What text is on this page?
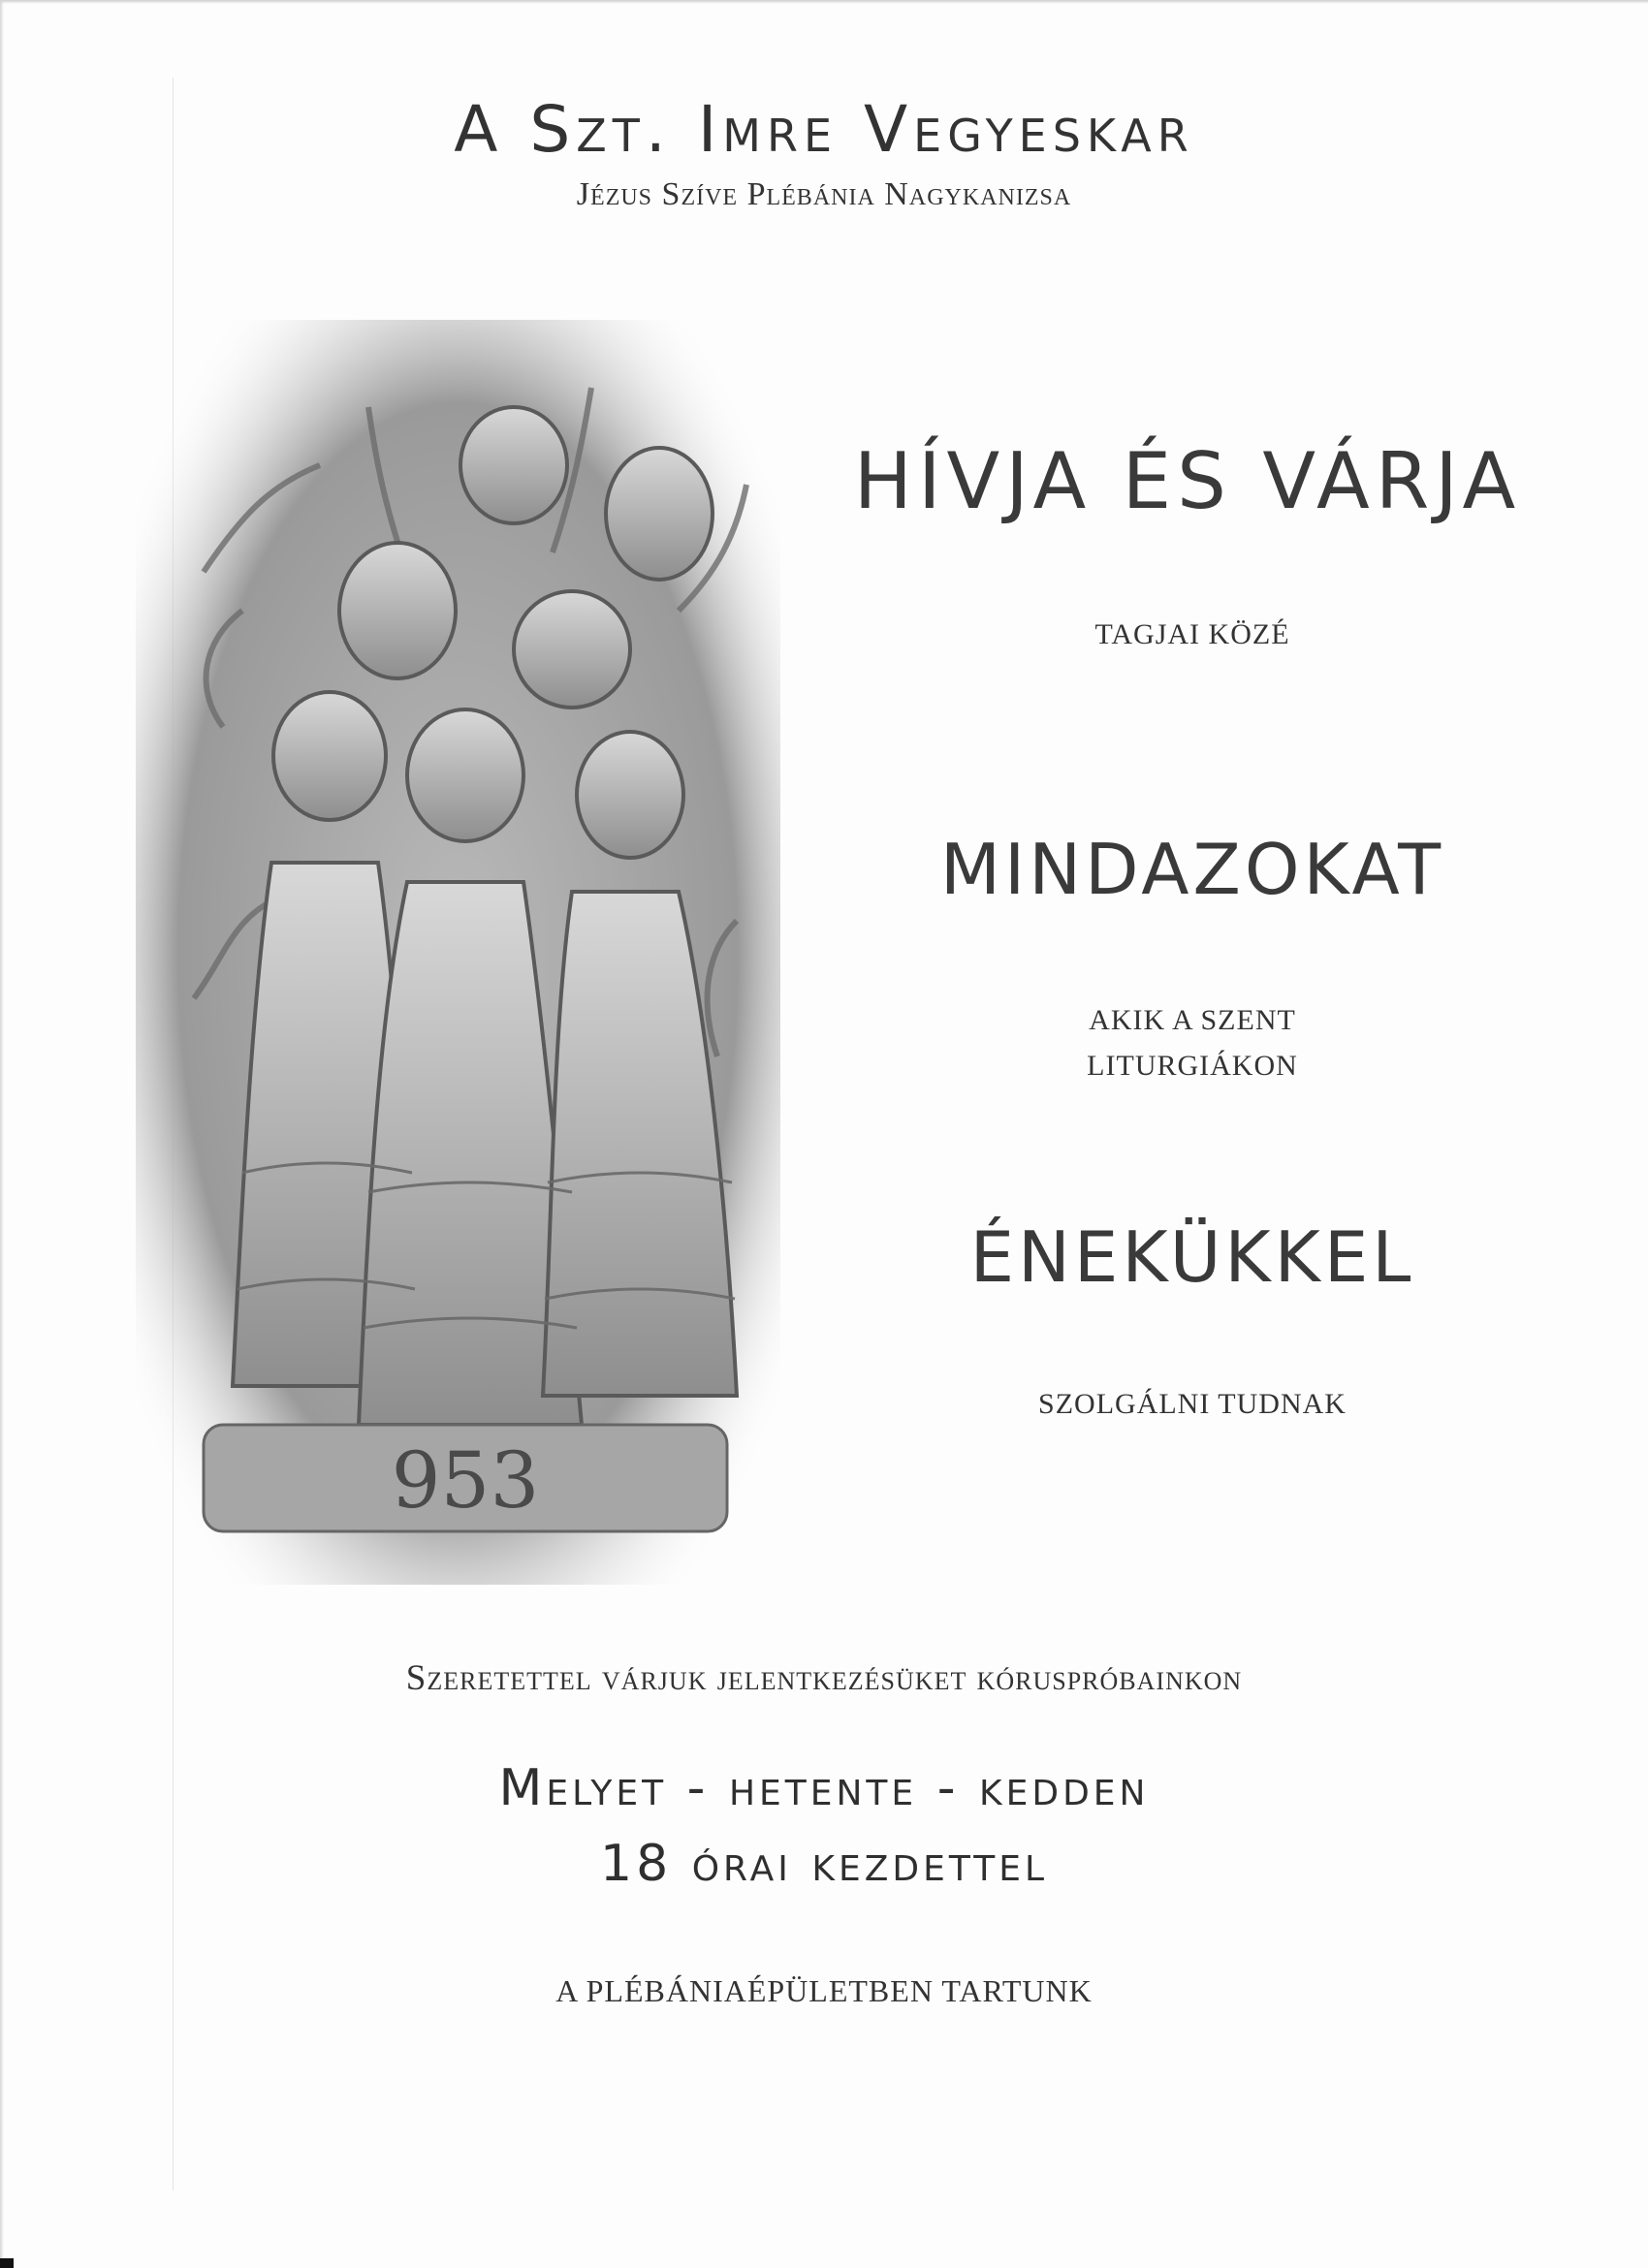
A Szt. Imre Vegyeskar
Jézus Szíve Plébánia Nagykanizsa
953
HÍVJA ÉS VÁRJA
TAGJAI KÖZÉ
MINDAZOKAT
AKIK A SZENT
LITURGIÁKON
ÉNEKÜKKEL
SZOLGÁLNI TUDNAK
Szeretettel várjuk jelentkezésüket kóruspróbainkon
Melyet - hetente - kedden
18 órai kezdettel
A PLÉBÁNIAÉPÜLETBEN TARTUNK
